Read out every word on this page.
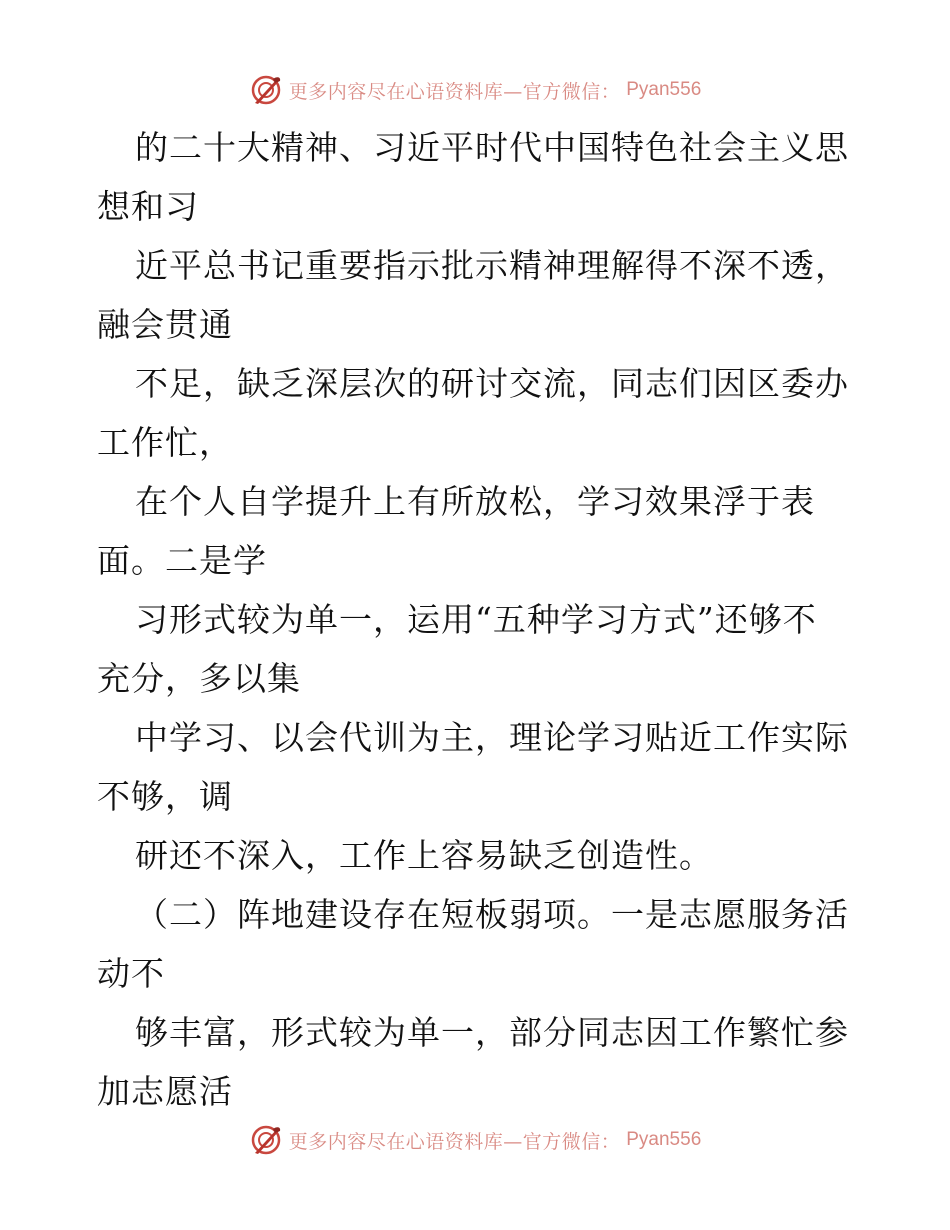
更多内容尽在心语资料库—官方微信： Pyan556
的二十大精神、习近平时代中国特色社会主义思
想和习
近平总书记重要指示批示精神理解得不深不透，
融会贯通
不足，缺乏深层次的研讨交流，同志们因区委办
工作忙，
在个人自学提升上有所放松，学习效果浮于表
面。二是学
习形式较为单一，运用“五种学习方式”还够不
充分，多以集
中学习、以会代训为主，理论学习贴近工作实际
不够，调
研还不深入，工作上容易缺乏创造性。
（二）阵地建设存在短板弱项。一是志愿服务活
动不
够丰富，形式较为单一，部分同志因工作繁忙参
加志愿活
更多内容尽在心语资料库—官方微信： Pyan556
